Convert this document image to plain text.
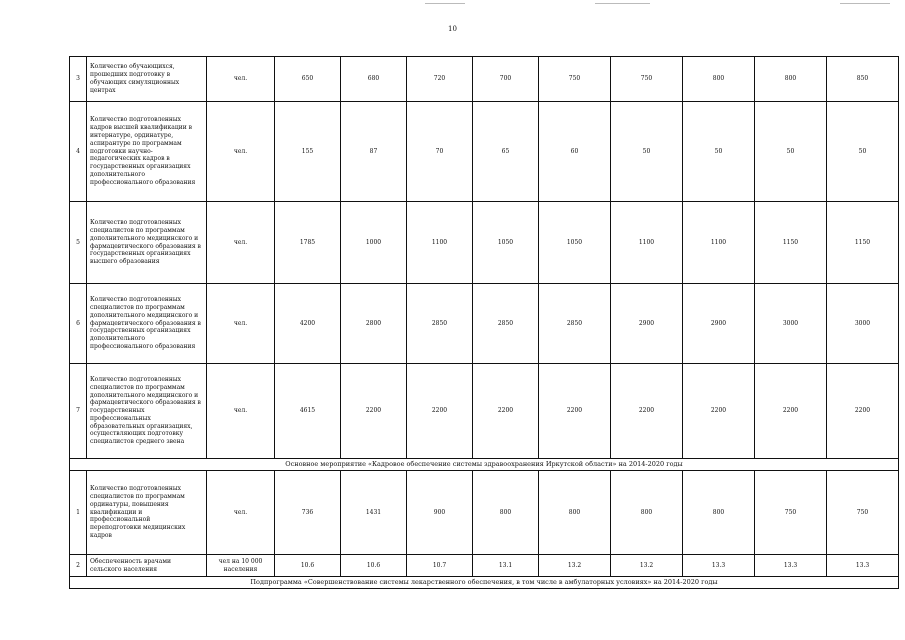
10
3	Количество обучающихся, прошедших подготовку в обучающих симуляционных центрах	чел.	650	680	720	700	750	750	800	800	850
4	Количество подготовленных кадров высшей квалификации в интернатуре, ординатуре, аспирантуре по программам подготовки научно-педагогических кадров в государственных организациях дополнительного профессионального образования	чел.	155	87	70	65	60	50	50	50	50
5	Количество подготовленных специалистов по программам дополнительного медицинского и фармацевтического образования в государственных организациях высшего образования	чел.	1785	1000	1100	1050	1050	1100	1100	1150	1150
6	Количество подготовленных специалистов по программам дополнительного медицинского и фармацевтического образования в государственных организациях дополнительного профессионального образования	чел.	4200	2800	2850	2850	2850	2900	2900	3000	3000
7	Количество подготовленных специалистов по программам дополнительного медицинского и фармацевтического образования в государственных профессиональных образовательных организациях, осуществляющих подготовку специалистов среднего звена	чел.	4615	2200	2200	2200	2200	2200	2200	2200	2200
Основное мероприятие «Кадровое обеспечение системы здравоохранения Иркутской области» на 2014-2020 годы											
1	Количество подготовленных специалистов по программам ординатуры, повышения квалификации и профессиональной переподготовки медицинских кадров	чел.	736	1431	900	800	800	800	800	750	750
2	Обеспеченность врачами сельского населения	чел на 10 000 населения	10.6	10.6	10.7	13.1	13.2	13.2	13.3	13.3	13.3
Подпрограмма «Совершенствование системы лекарственного обеспечения, в том числе в амбулаторных условиях» на 2014-2020 годы											
